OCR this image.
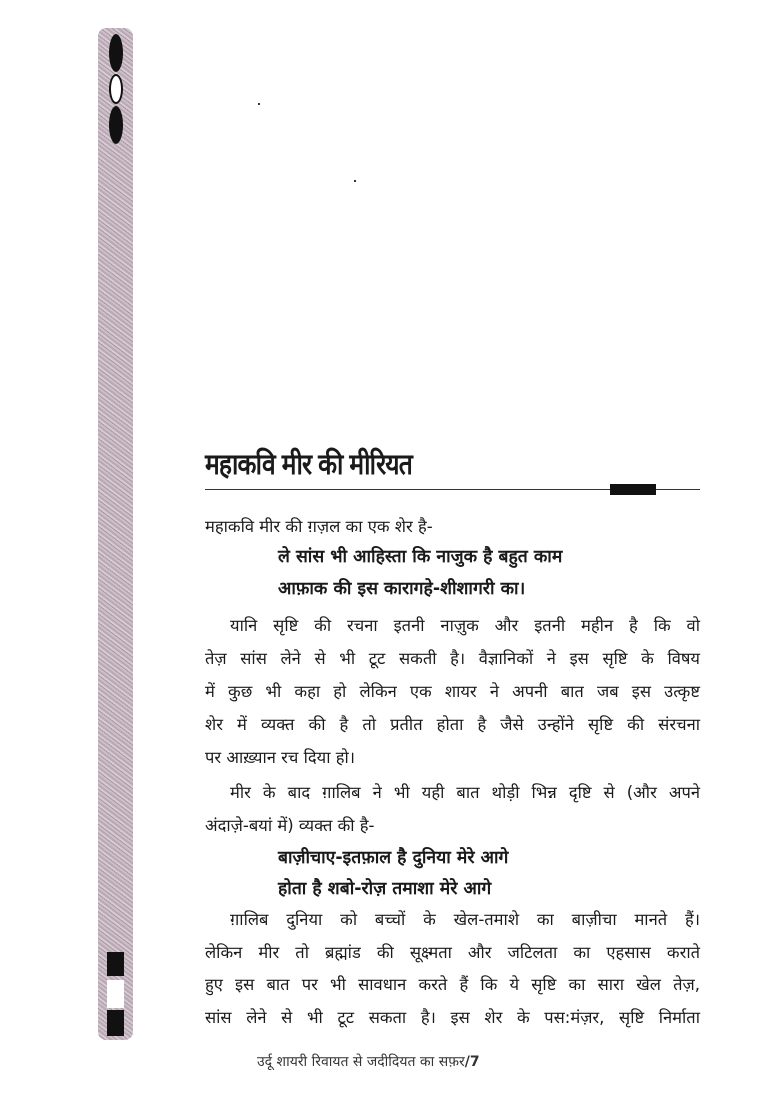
महाकवि मीर की मीरियत
महाकवि मीर की ग़ज़ल का एक शेर है-
ले सांस भी आहिस्ता कि नाजुक है बहुत काम
आफ़ाक की इस कारागहे-शीशागरी का।
यानि सृष्टि की रचना इतनी नाज़ुक और इतनी महीन है कि वो
तेज़ सांस लेने से भी टूट सकती है। वैज्ञानिकों ने इस सृष्टि के विषय
में कुछ भी कहा हो लेकिन एक शायर ने अपनी बात जब इस उत्कृष्ट
शेर में व्यक्त की है तो प्रतीत होता है जैसे उन्होंने सृष्टि की संरचना
पर आख़्यान रच दिया हो।
मीर के बाद ग़ालिब ने भी यही बात थोड़ी भिन्न दृष्टि से (और अपने
अंदाज़े-बयां में) व्यक्त की है-
बाज़ीचाए-इतफ़ाल है दुनिया मेरे आगे
होता है शबो-रोज़ तमाशा मेरे आगे
ग़ालिब दुनिया को बच्चों के खेल-तमाशे का बाज़ीचा मानते हैं।
लेकिन मीर तो ब्रह्मांड की सूक्ष्मता और जटिलता का एहसास कराते
हुए इस बात पर भी सावधान करते हैं कि ये सृष्टि का सारा खेल तेज़,
सांस लेने से भी टूट सकता है। इस शेर के पस:मंज़र, सृष्टि निर्माता
उर्दू शायरी रिवायत से जदीदियत का सफ़र/7
